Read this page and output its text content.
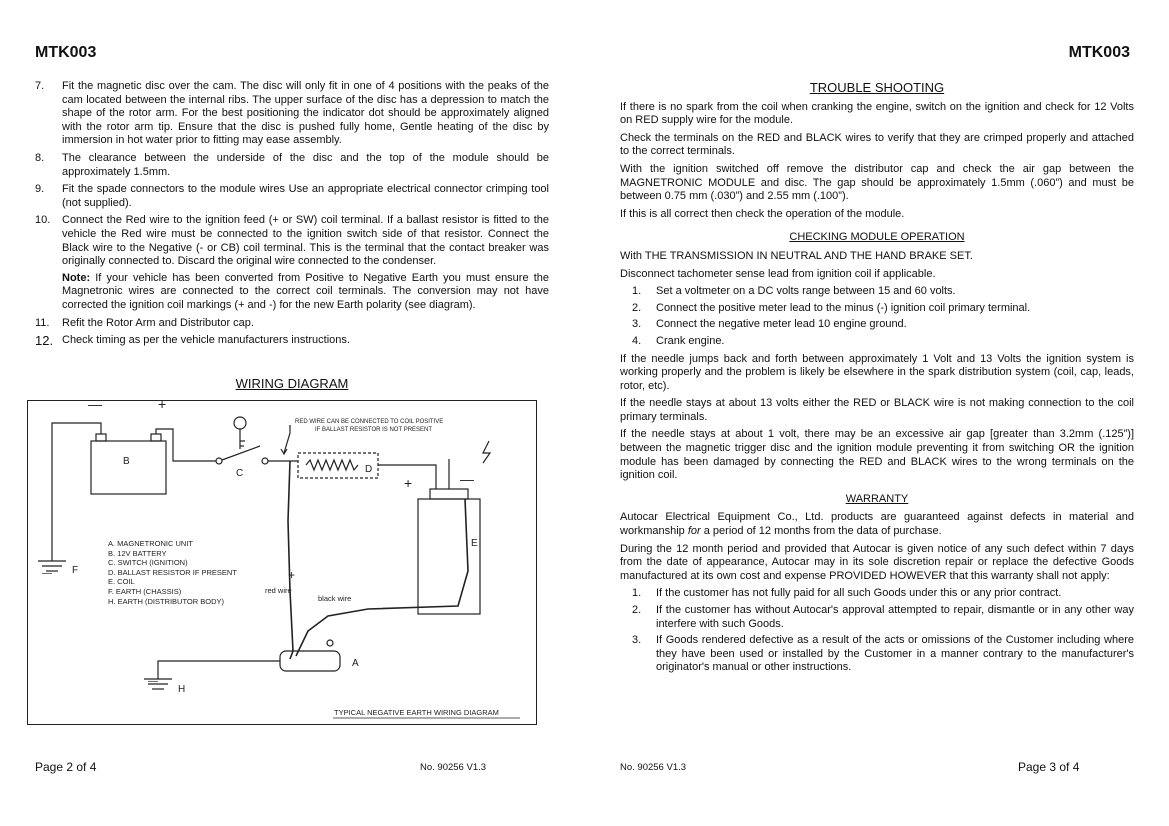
MTK003
7. Fit the magnetic disc over the cam. The disc will only fit in one of 4 positions with the peaks of the cam located between the internal ribs. The upper surface of the disc has a depression to match the shape of the rotor arm. For the best positioning the indicator dot should be approximately aligned with the rotor arm tip. Ensure that the disc is pushed fully home, Gentle heating of the disc by immersion in hot water prior to fitting may ease assembly.
8. The clearance between the underside of the disc and the top of the module should be approximately 1.5mm.
9. Fit the spade connectors to the module wires Use an appropriate electrical connector crimping tool (not supplied).
10. Connect the Red wire to the ignition feed (+ or SW) coil terminal. If a ballast resistor is fitted to the vehicle the Red wire must be connected to the ignition switch side of that resistor. Connect the Black wire to the Negative (- or CB) coil terminal. This is the terminal that the contact breaker was originally connected to. Discard the original wire connected to the condenser.

Note: If your vehicle has been converted from Positive to Negative Earth you must ensure the Magnetronic wires are connected to the correct coil terminals. The conversion may not have corrected the ignition coil markings (+ and -) for the new Earth polarity (see diagram).

11. Refit the Rotor Arm and Distributor cap.
12. Check timing as per the vehicle manufacturers instructions.
WIRING DIAGRAM
—	+
B
C	D
E
F
H
A
+	—
+
—
—
RED WIRE CAN BE CONNECTED TO COIL POSITIVE
IF BALLAST RESISTOR IS NOT PRESENT
red wire
black wire
A. MAGNETRONIC UNIT
B. 12V BATTERY
C. SWITCH (IGNITION)
D. BALLAST RESISTOR IF PRESENT
E. COIL
F. EARTH (CHASSIS)
H. EARTH (DISTRIBUTOR BODY)
TYPICAL NEGATIVE EARTH WIRING DIAGRAM
Page 2 of 4	No. 90256 V1.3
MTK003
TROUBLE SHOOTING

If there is no spark from the coil when cranking the engine, switch on the ignition and check for 12 Volts on RED supply wire for the module.

Check the terminals on the RED and BLACK wires to verify that they are crimped properly and attached to the correct terminals.

With the ignition switched off remove the distributor cap and check the air gap between the MAGNETRONIC MODULE and disc. The gap should be approximately 1.5mm (.060”) and must be between 0.75 mm (.030”) and 2.55 mm (.100”).

If this is all correct then check the operation of the module.

CHECKING MODULE OPERATION

With THE TRANSMISSION IN NEUTRAL AND THE HAND BRAKE SET.

Disconnect tachometer sense lead from ignition coil if applicable.

1. Set a voltmeter on a DC volts range between 15 and 60 volts.
2. Connect the positive meter lead to the minus (-) ignition coil primary terminal.
3. Connect the negative meter lead 10 engine ground.
4. Crank engine.

If the needle jumps back and forth between approximately 1 Volt and 13 Volts the ignition system is working properly and the problem is likely be elsewhere in the spark distribution system (coil, cap, leads, rotor, etc).

If the needle stays at about 13 volts either the RED or BLACK wire is not making connection to the coil primary terminals.

If the needle stays at about 1 volt, there may be an excessive air gap [greater than 3.2mm (.125”)] between the magnetic trigger disc and the ignition module preventing it from switching OR the ignition module has been damaged by connecting the RED and BLACK wires to the wrong terminals on the ignition coil.

WARRANTY

Autocar Electrical Equipment Co., Ltd. products are guaranteed against defects in material and workmanship for a period of 12 months from the data of purchase.

During the 12 month period and provided that Autocar is given notice of any such defect within 7 days from the date of appearance, Autocar may in its sole discretion repair or replace the defective Goods manufactured at its own cost and expense PROVIDED HOWEVER that this warranty shall not apply:

1. If the customer has not fully paid for all such Goods under this or any prior contract.
2. If the customer has without Autocar's approval attempted to repair, dismantle or in any other way interfere with such Goods.
3. If Goods rendered defective as a result of the acts or omissions of the Customer including where they have been used or installed by the Customer in a manner contrary to the manufacturer's originator's manual or other instructions.
No. 90256 V1.3	Page 3 of 4
